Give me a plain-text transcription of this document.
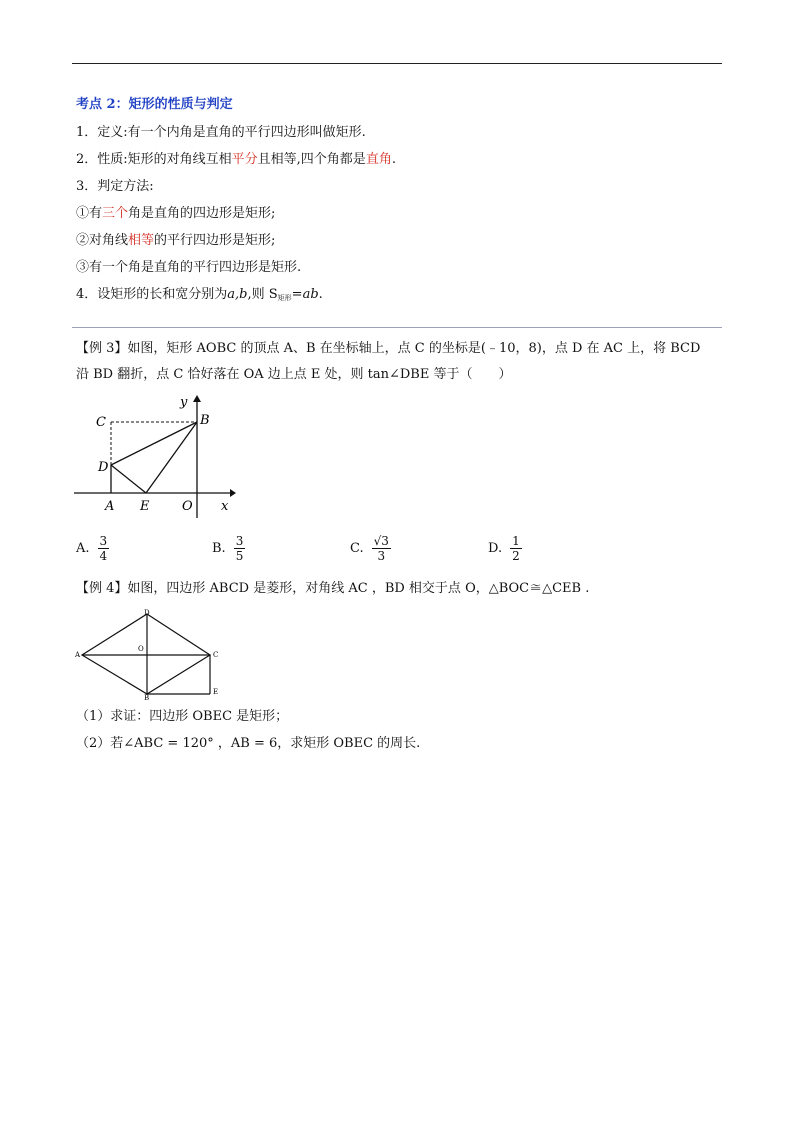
考点 2：矩形的性质与判定
1．定义:有一个内角是直角的平行四边形叫做矩形.
2．性质:矩形的对角线互相平分且相等,四个角都是直角.
3．判定方法:
①有三个角是直角的四边形是矩形;
②对角线相等的平行四边形是矩形;
③有一个角是直角的平行四边形是矩形.
4．设矩形的长和宽分别为a,b,则 $S_{矩形}=ab$.
【例 3】如图，矩形 AOBC 的顶点 A、B 在坐标轴上，点 C 的坐标是(﹣10，8)，点 D 在 AC 上，将 BCD
沿 BD 翻折，点 C 恰好落在 OA 边上点 E 处，则 tan∠DBE 等于（　　）
y
B
C
D
A E	O x
A. $\frac{3}{4}$	B. $\frac{3}{5}$	C. $\frac{√3}{3}$	D. $\frac{1}{2}$
【例 4】如图，四边形 ABCD 是菱形，对角线 AC ，BD 相交于点 O，△BOC≅△CEB .
D
A
O
C
B
E
（1）求证：四边形 OBEC 是矩形；
（2）若∠ABC = 120° ，AB = 6，求矩形 OBEC 的周长.
